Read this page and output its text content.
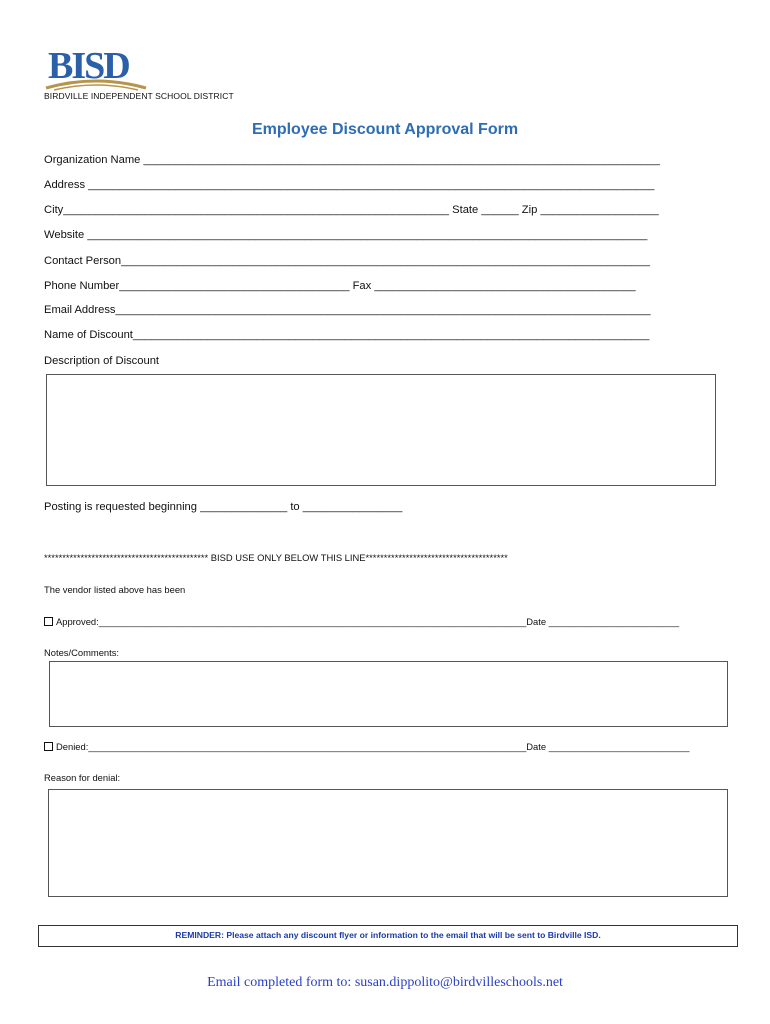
BISD
BIRDVILLE INDEPENDENT SCHOOL DISTRICT
Employee Discount Approval Form
Organization Name ___________________________________________________________________________________
Address ___________________________________________________________________________________________
City______________________________________________________________ State ______ Zip ___________________
Website __________________________________________________________________________________________
Contact Person_____________________________________________________________________________________
Phone Number_____________________________________ Fax __________________________________________
Email Address______________________________________________________________________________________
Name of Discount___________________________________________________________________________________
Description of Discount
Posting is requested beginning ______________ to ________________
********************************************* BISD USE ONLY BELOW THIS LINE***************************************
The vendor listed above has been
Approved:__________________________________________________________________________________Date _________________________
Notes/Comments:
Denied:____________________________________________________________________________________Date ___________________________
Reason for denial:
REMINDER: Please attach any discount flyer or information to the email that will be sent to Birdville ISD.
Email completed form to: susan.dippolito@birdvilleschools.net
